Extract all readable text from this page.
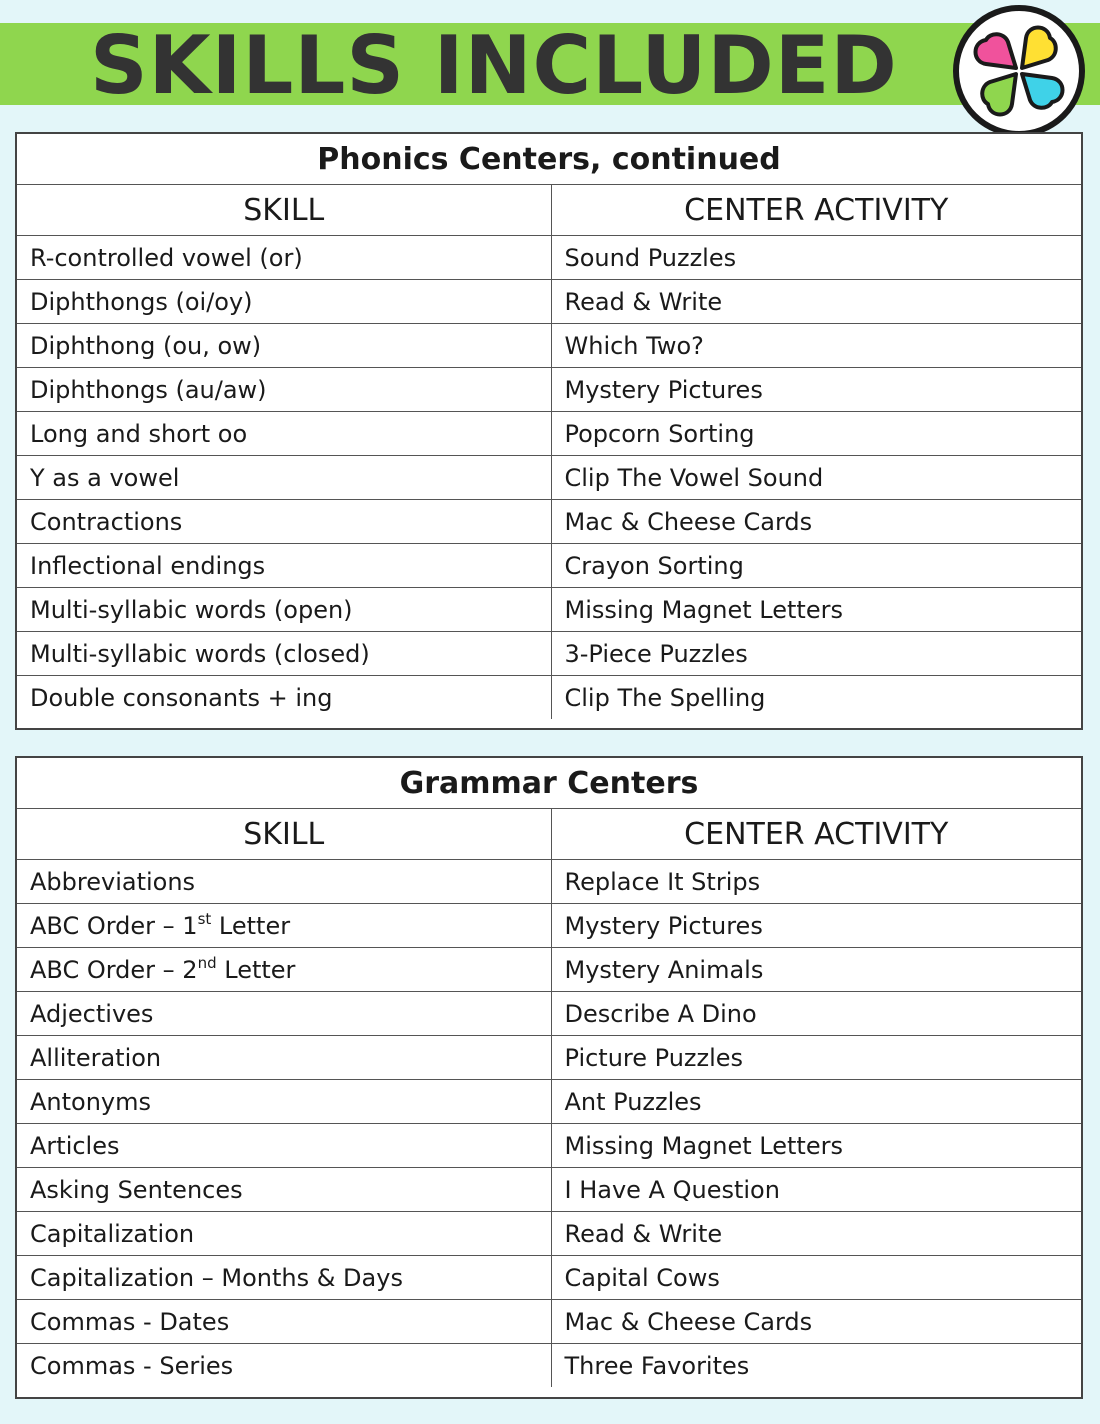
SKILLS INCLUDED
Phonics Centers, continued	
SKILL	CENTER ACTIVITY
R-controlled vowel (or)	Sound Puzzles
Diphthongs (oi/oy)	Read & Write
Diphthong (ou, ow)	Which Two?
Diphthongs (au/aw)	Mystery Pictures
Long and short oo	Popcorn Sorting
Y as a vowel	Clip The Vowel Sound
Contractions	Mac & Cheese Cards
Inflectional endings	Crayon Sorting
Multi-syllabic words (open)	Missing Magnet Letters
Multi-syllabic words (closed)	3-Piece Puzzles
Double consonants + ing	Clip The Spelling
Grammar Centers	
SKILL	CENTER ACTIVITY
Abbreviations	Replace It Strips
ABC Order – 1st Letter	Mystery Pictures
ABC Order – 2nd Letter	Mystery Animals
Adjectives	Describe A Dino
Alliteration	Picture Puzzles
Antonyms	Ant Puzzles
Articles	Missing Magnet Letters
Asking Sentences	I Have A Question
Capitalization	Read & Write
Capitalization – Months & Days	Capital Cows
Commas - Dates	Mac & Cheese Cards
Commas - Series	Three Favorites
